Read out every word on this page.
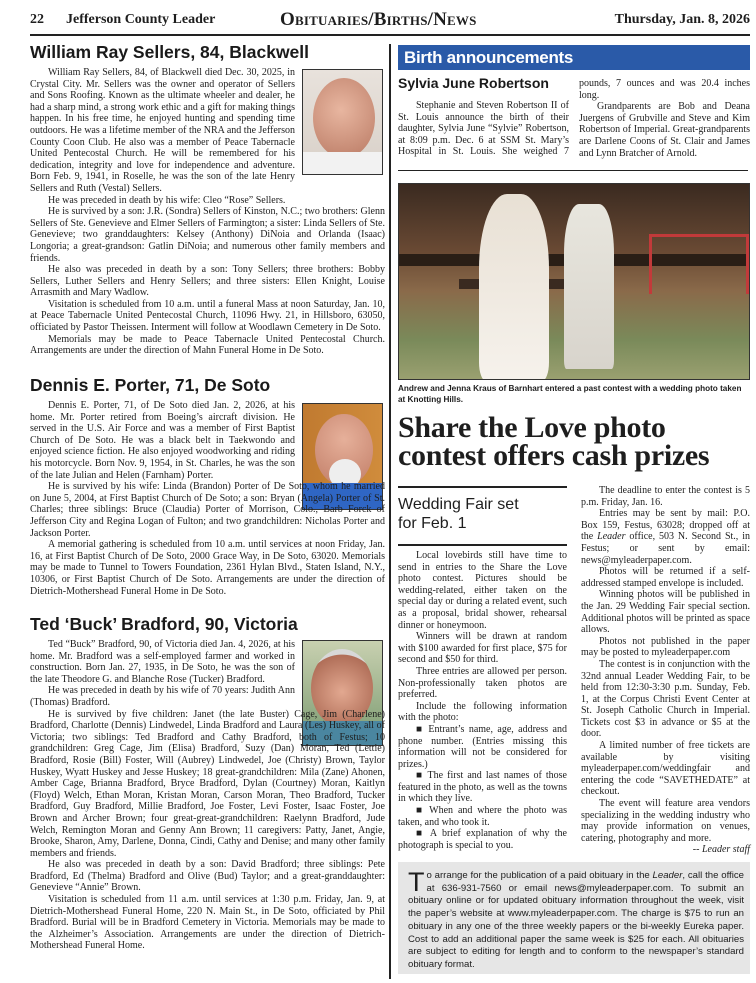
22 Jefferson County Leader	Obituaries/Births/News	Thursday, Jan. 8, 2026
William Ray Sellers, 84, Blackwell

William Ray Sellers, 84, of Blackwell died Dec. 30, 2025, in Crystal City. Mr. Sellers was the owner and operator of Sellers and Sons Roofing. Known as the ultimate wheeler and dealer, he had a sharp mind, a strong work ethic and a gift for making things happen. In his free time, he enjoyed hunting and spending time outdoors. He was a lifetime member of the NRA and the Jefferson County Coon Club. He also was a member of Peace Tabernacle United Pentecostal Church. He will be remembered for his dedication, integrity and love for independence and adventure. Born Feb. 9, 1941, in Roselle, he was the son of the late Henry Sellers and Ruth (Vestal) Sellers.

He was preceded in death by his wife: Cleo “Rose” Sellers.

He is survived by a son: J.R. (Sondra) Sellers of Kinston, N.C.; two brothers: Glenn Sellers of Ste. Genevieve and Elmer Sellers of Farmington; a sister: Linda Sellers of Ste. Genevieve; two granddaughters: Kelsey (Anthony) DiNoia and Orlanda (Isaac) Longoria; a great-grandson: Gatlin DiNoia; and numerous other family members and friends.

He also was preceded in death by a son: Tony Sellers; three brothers: Bobby Sellers, Luther Sellers and Henry Sellers; and three sisters: Ellen Knight, Louise Arrasmith and Mary Wadlow.

Visitation is scheduled from 10 a.m. until a funeral Mass at noon Saturday, Jan. 10, at Peace Tabernacle United Pentecostal Church, 11096 Hwy. 21, in Hillsboro, 63050, officiated by Pastor Theissen. Interment will follow at Woodlawn Cemetery in De Soto.

Memorials may be made to Peace Tabernacle United Pentecostal Church. Arrangements are under the direction of Mahn Funeral Home in De Soto.

Dennis E. Porter, 71, De Soto

Dennis E. Porter, 71, of De Soto died Jan. 2, 2026, at his home. Mr. Porter retired from Boeing’s aircraft division. He served in the U.S. Air Force and was a member of First Baptist Church of De Soto. He was a black belt in Taekwondo and enjoyed science fiction. He also enjoyed woodworking and riding his motorcycle. Born Nov. 9, 1954, in St. Charles, he was the son of the late Julian and Helen (Farnham) Porter.

He is survived by his wife: Linda (Brandon) Porter of De Soto, whom he married on June 5, 2004, at First Baptist Church of De Soto; a son: Bryan (Angela) Porter of St. Charles; three siblings: Bruce (Claudia) Porter of Morrison, Colo., Barb Forck of Jefferson City and Regina Logan of Fulton; and two grandchildren: Nicholas Porter and Jackson Porter.

A memorial gathering is scheduled from 10 a.m. until services at noon Friday, Jan. 16, at First Baptist Church of De Soto, 2000 Grace Way, in De Soto, 63020. Memorials may be made to Tunnel to Towers Foundation, 2361 Hylan Blvd., Staten Island, N.Y., 10306, or First Baptist Church of De Soto. Arrangements are under the direction of Dietrich-Mothershead Funeral Home in De Soto.

Ted ‘Buck’ Bradford, 90, Victoria

Ted “Buck” Bradford, 90, of Victoria died Jan. 4, 2026, at his home. Mr. Bradford was a self-employed farmer and worked in construction. Born Jan. 27, 1935, in De Soto, he was the son of the late Theodore G. and Blanche Rose (Tucker) Bradford.

He was preceded in death by his wife of 70 years: Judith Ann (Thomas) Bradford.

He is survived by five children: Janet (the late Buster) Cage, Jim (Charlene) Bradford, Charlotte (Dennis) Lindwedel, Linda Bradford and Laura (Les) Huskey, all of Victoria; two siblings: Ted Bradford and Cathy Bradford, both of Festus; 10 grandchildren: Greg Cage, Jim (Elisa) Bradford, Suzy (Dan) Moran, Ted (Lettie) Bradford, Rosie (Bill) Foster, Will (Aubrey) Lindwedel, Joe (Christy) Brown, Taylor Huskey, Wyatt Huskey and Jesse Huskey; 18 great-grandchildren: Mila (Zane) Ahonen, Amber Cage, Brianna Bradford, Bryce Bradford, Dylan (Courtney) Moran, Kaitlyn (Floyd) Welch, Ethan Moran, Kristan Moran, Carson Moran, Theo Bradford, Tucker Bradford, Guy Bradford, Millie Bradford, Joe Foster, Levi Foster, Isaac Foster, Joe Brown and Archer Brown; four great-great-grandchildren: Raelynn Bradford, Jude Welch, Remington Moran and Genny Ann Brown; 11 caregivers: Patty, Janet, Angie, Brooke, Sharon, Amy, Darlene, Donna, Cindi, Cathy and Denise; and many other family members and friends.

He also was preceded in death by a son: David Bradford; three siblings: Pete Bradford, Ed (Thelma) Bradford and Olive (Bud) Taylor; and a great-granddaughter: Genevieve “Annie” Brown.

Visitation is scheduled from 11 a.m. until services at 1:30 p.m. Friday, Jan. 9, at Dietrich-Mothershead Funeral Home, 220 N. Main St., in De Soto, officiated by Phil Bradford. Burial will be in Bradford Cemetery in Victoria. Memorials may be made to the Alzheimer’s Association. Arrangements are under the direction of Dietrich-Mothershead Funeral Home.

Birth announcements
Sylvia June Robertson

Stephanie and Steven Robertson II of St. Louis announce the birth of their daughter, Sylvia June “Sylvie” Robertson, at 8:09 p.m. Dec. 6 at SSM St. Mary’s Hospital in St. Louis. She weighed 7 pounds, 7 ounces and was 20.4 inches long.

Grandparents are Bob and Deana Juergens of Grubville and Steve and Kim Robertson of Imperial. Great-grandparents are Darlene Coons of St. Clair and James and Lynn Bratcher of Arnold.

Andrew and Jenna Kraus of Barnhart entered a past contest with a wedding photo taken at Knotting Hills.
Share the Love photo contest offers cash prizes
Wedding Fair set for Feb. 1

Local lovebirds still have time to send in entries to the Share the Love photo contest. Pictures should be wedding-related, either taken on the special day or during a related event, such as a proposal, bridal shower, rehearsal dinner or honeymoon.

Winners will be drawn at random with $100 awarded for first place, $75 for second and $50 for third.

Three entries are allowed per person. Non-professionally taken photos are preferred.

Include the following information with the photo:

■ Entrant’s name, age, address and phone number. (Entries missing this information will not be considered for prizes.)

■ The first and last names of those featured in the photo, as well as the towns in which they live.

■ When and where the photo was taken, and who took it.

■ A brief explanation of why the photograph is special to you.

The deadline to enter the contest is 5 p.m. Friday, Jan. 16.

Entries may be sent by mail: P.O. Box 159, Festus, 63028; dropped off at the Leader office, 503 N. Second St., in Festus; or sent by email: news@myleaderpaper.com.

Photos will be returned if a self-addressed stamped envelope is included.

Winning photos will be published in the Jan. 29 Wedding Fair special section. Additional photos will be printed as space allows.

Photos not published in the paper may be posted to myleaderpaper.com

The contest is in conjunction with the 32nd annual Leader Wedding Fair, to be held from 12:30-3:30 p.m. Sunday, Feb. 1, at the Corpus Christi Event Center at St. Joseph Catholic Church in Imperial. Tickets cost $3 in advance or $5 at the door.

A limited number of free tickets are available by visiting myleaderpaper.com/weddingfair and entering the code “SAVETHEDATE” at checkout.

The event will feature area vendors specializing in the wedding industry who may provide information on venues, catering, photography and more.

-- Leader staff
To arrange for the publication of a paid obituary in the Leader, call the office at 636-931-7560 or email news@myleaderpaper.com. To submit an obituary online or for updated obituary information throughout the week, visit the paper’s website at www.myleaderpaper.com. The charge is $75 to run an obituary in any one of the three weekly papers or the bi-weekly Eureka paper. Cost to add an additional paper the same week is $25 for each. All obituaries are subject to editing for length and to conform to the newspaper’s standard obituary format.
